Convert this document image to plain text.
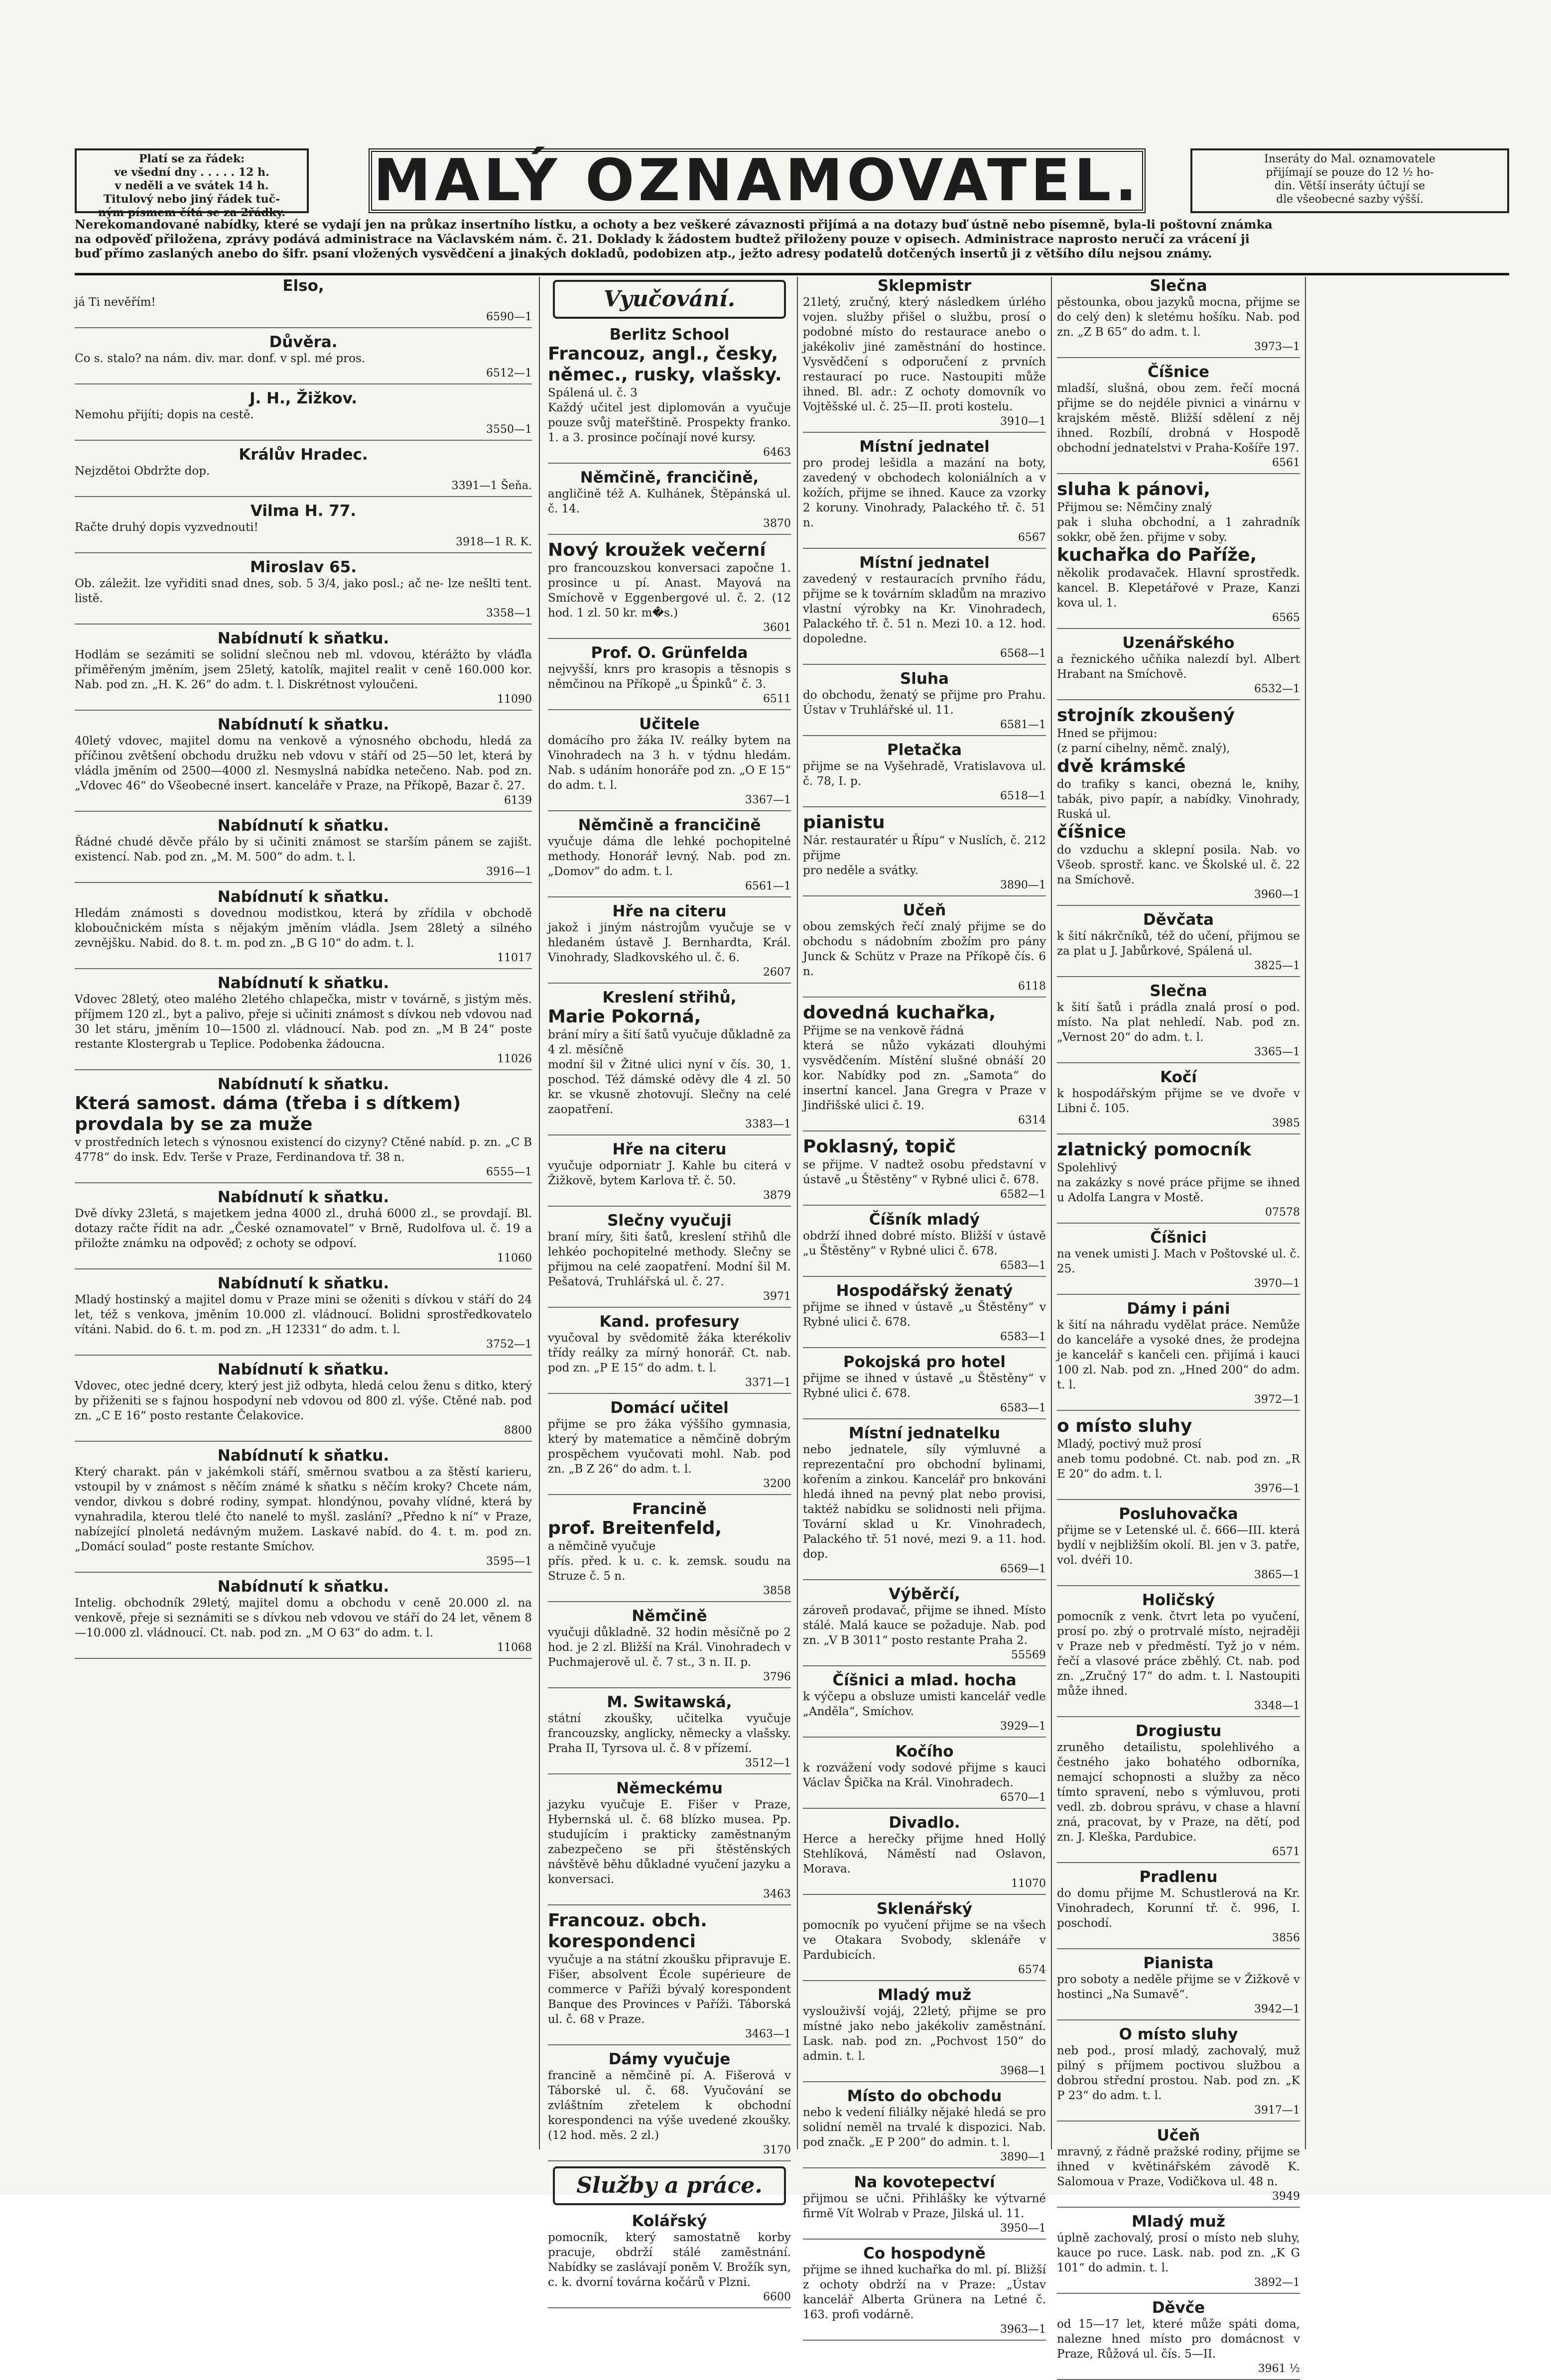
Platí se za řádek:
ve všední dny . . . . . 12 h.
v neděli a ve svátek 14 h.
Titulový nebo jiný řádek tuč-
ným písmem čítá se za 2řádky.	MALÝ OZNAMOVATEL.	Inseráty do Mal. oznamovatele
přijímají se pouze do 12 ½ ho-
din. Větší inseráty účtují se
dle všeobecné sazby výšší.
Nerekomandované nabídky, které se vydají jen na průkaz insertního lístku, a ochoty a bez veškeré závaznosti přijímá a na dotazy buď ústně nebo písemně, byla-li poštovní známka
na odpověď přiložena, zprávy podává administrace na Václavském nám. č. 21. Doklady k žádostem budtež přiloženy pouze v opisech. Administrace naprosto neručí za vrácení ji
buď přímo zaslaných anebo do šifr. psaní vložených vysvědčení a jinakých dokladů, podobizen atp., ježto adresy podatelů dotčených insertů ji z většího dílu nejsou známy.
Elso,
já Ti nevěřím!
6590—1
Důvěra.
Co s. stalo? na nám. div. mar. donf. v spl. mé pros.
6512—1
J. H., Žižkov.
Nemohu přijíti; dopis na cestě.
3550—1
Králův Hradec.
Nejzdětoi Obdržte dop.
3391—1 Šeňa.
Vilma H. 77.
Račte druhý dopis vyzvednouti!
3918—1 R. K.
Miroslav 65.
Ob. záležit. lze vyřiditi snad dnes, sob. 5 3/4, jako posl.; ač ne- lze nešlti tent. listě.
3358—1
Nabídnutí k sňatku.
Hodlám se sezámiti se solidní slečnou neb ml. vdovou, ktérážto by vláďla přiměřeným jměním, jsem 25letý, katolík, majitel realit v ceně 160.000 kor. Nab. pod zn. „H. K. 26“ do adm. t. l. Diskrétnost vyloučeni.
11090
Nabídnutí k sňatku.
40letý vdovec, majitel domu na venkově a výnosného obchodu, hledá za příčinou zvětšení obchodu družku neb vdovu v stáří od 25—50 let, která by vládla jměním od 2500—4000 zl. Nesmyslná nabídka netečeno. Nab. pod zn. „Vdovec 46“ do Všeobecné insert. kanceláře v Praze, na Příkopě, Bazar č. 27.
6139
Nabídnutí k sňatku.
Řádné chudé děvče přálo by si učiniti známost se starším pánem se zajišt. existencí. Nab. pod zn. „M. M. 500“ do adm. t. l.
3916—1
Nabídnutí k sňatku.
Hledám známosti s dovednou modistkou, která by zřídila v obchodě kloboučnickém místa s nějakým jměním vládla. Jsem 28letý a silného zevnějšku. Nabid. do 8. t. m. pod zn. „B G 10“ do adm. t. l.
11017
Nabídnutí k sňatku.
Vdovec 28letý, oteo malého 2letého chlapečka, mistr v továrně, s jistým měs. příjmem 120 zl., byt a palivo, přeje si učiniti známost s dívkou neb vdovou nad 30 let stáru, jměním 10—1500 zl. vládnoucí. Nab. pod zn. „M B 24“ poste restante Klostergrab u Teplice. Podobenka žádoucna.
11026
Nabídnutí k sňatku.
Která samost. dáma (třeba i s dítkem) provdala by se za muže
v prostředních letech s výnosnou existencí do cizyny? Ctěné nabíd. p. zn. „C B 4778“ do insk. Edv. Terše v Praze, Ferdinandova tř. 38 n.
6555—1
Nabídnutí k sňatku.
Dvě dívky 23letá, s majetkem jedna 4000 zl., druhá 6000 zl., se provdají. Bl. dotazy račte řídit na adr. „České oznamovatel“ v Brně, Rudolfova ul. č. 19 a přiložte známku na odpověď; z ochoty se odpoví.
11060
Nabídnutí k sňatku.
Mladý hostinský a majitel domu v Praze mini se oženiti s dívkou v stáří do 24 let, též s venkova, jměním 10.000 zl. vládnoucí. Bolidni sprostředkovatelo vítáni. Nabid. do 6. t. m. pod zn. „H 12331“ do adm. t. l.
3752—1
Nabídnutí k sňatku.
Vdovec, otec jedné dcery, který jest již odbyta, hledá celou ženu s ditko, který by přiženiti se s fajnou hospodyní neb vdovou od 800 zl. výše. Ctěné nab. pod zn. „C E 16“ posto restante Čelakovice.
8800
Nabídnutí k sňatku.
Který charakt. pán v jakémkoli stáří, směrnou svatbou a za štěstí karieru, vstoupil by v známost s něčím známé k sňatku s něčím kroky? Chcete nám, vendor, divkou s dobré rodiny, sympat. hlondýnou, povahy vlídné, která by vynahradila, kterou tlelé čto nanelé to myšl. zaslání? „Předno k ní“ v Praze, nabízející plnoletá nedávným mužem. Laskavé nabíd. do 4. t. m. pod zn. „Domácí soulad“ poste restante Smíchov.
3595—1
Nabídnutí k sňatku.
Intelig. obchodník 29letý, majitel domu a obchodu v ceně 20.000 zl. na venkově, přeje si seznámiti se s dívkou neb vdovou ve stáří do 24 let, věnem 8—10.000 zl. vládnoucí. Ct. nab. pod zn. „M O 63“ do adm. t. l.
11068
Vyučování.
Berlitz School
Francouz, angl., česky, němec., rusky, vlašsky.
Spálená ul. č. 3
Každý učitel jest diplomován a vyučuje pouze svůj mateřštině. Prospekty franko. 1. a 3. prosince počínají nové kursy.
6463
Němčině, francičině,
angličině též A. Kulhánek, Štěpánská ul. č. 14.
3870
Nový kroužek večerní
pro francouzskou konversaci započne 1. prosince u pí. Anast. Mayová na Smíchově v Eggenbergové ul. č. 2. (12 hod. 1 zl. 50 kr. m�s.)
3601
Prof. O. Grünfelda
nejvyšší, knrs pro krasopis a těsnopis s němčinou na Příkopě „u Špinků“ č. 3.
6511
Učitele
domácího pro žáka IV. reálky bytem na Vinohradech na 3 h. v týdnu hledám. Nab. s udáním honoráře pod zn. „O E 15“ do adm. t. l.
3367—1
Němčině a francičině
vyučuje dáma dle lehké pochopitelné methody. Honorář levný. Nab. pod zn. „Domov“ do adm. t. l.
6561—1
Hře na citeru
jakož i jiným nástrojům vyučuje se v hledaném ústavě J. Bernhardta, Král. Vinohrady, Sladkovského ul. č. 6.
2607
Kreslení střihů,
Marie Pokorná,
brání míry a šití šatů vyučuje důkladně za 4 zl. měsíčně
modní šil v Žitné ulici nyní v čís. 30, 1. poschod. Též dámské oděvy dle 4 zl. 50 kr. se vkusně zhotovují. Slečny na celé zaopatření.
3383—1
Hře na citeru
vyučuje odporniatr J. Kahle bu citerá v Žižkově, bytem Karlova tř. č. 50.
3879
Slečny vyučuji
braní míry, šiti šatů, kreslení střihů dle lehkéo pochopitelné methody. Slečny se přijmou na celé zaopatření. Modní šil M. Pešatová, Truhlářská ul. č. 27.
3971
Kand. profesury
vyučoval by svědomitě žáka kterékoliv třídy reálky za mírný honorář. Ct. nab. pod zn. „P E 15“ do adm. t. l.
3371—1
Domácí učitel
přijme se pro žáka výššího gymnasia, který by matematice a němčině dobrým prospěchem vyučovati mohl. Nab. pod zn. „B Z 26“ do adm. t. l.
3200
Francině
prof. Breitenfeld,
a němčině vyučuje
přís. před. k u. c. k. zemsk. soudu na Struze č. 5 n.
3858
Němčině
vyučuji důkladně. 32 hodin měsíčně po 2 hod. je 2 zl. Bližší na Král. Vinohradech v Puchmajerově ul. č. 7 st., 3 n. II. p.
3796
M. Switawská,
státní zkoušky, učitelka vyučuje francouzsky, anglicky, německy a vlašsky. Praha II, Tyrsova ul. č. 8 v přízemí.
3512—1
Německému
jazyku vyučuje E. Fišer v Praze, Hybernská ul. č. 68 blízko musea. Pp. studujícím i prakticky zaměstnaným zabezpečeno se při štěstěnských návštěvě běhu důkladné vyučení jazyku a konversaci.
3463
Francouz. obch. korespondenci
vyučuje a na státní zkoušku připravuje E. Fišer, absolvent École supérieure de commerce v Paříži bývalý korespondent Banque des Provinces v Paříži. Táborská ul. č. 68 v Praze.
3463—1
Dámy vyučuje
francině a němčině pí. A. Fišerová v Táborské ul. č. 68. Vyučování se zvláštním zřetelem k obchodní korespondenci na výše uvedené zkoušky. (12 hod. měs. 2 zl.)
3170
Služby a práce.
Kolářský
pomocník, který samostatně korby pracuje, obdrží stálé zaměstnání. Nabídky se zaslávají poněm V. Brožík syn, c. k. dvorní továrna kočárů v Plzni.
6600
Sklepmistr
21letý, zručný, který následkem úrlého vojen. služby přišel o službu, prosí o podobné místo do restaurace anebo o jakékoliv jiné zaměstnání do hostince. Vysvědčení s odporučení z prvních restaurací po ruce. Nastoupiti může ihned. Bl. adr.: Z ochoty domovník vo Vojtěšské ul. č. 25—II. proti kostelu.
3910—1
Místní jednatel
pro prodej lešidla a mazání na boty, zavedený v obchodech koloniálních a v kožích, přijme se ihned. Kauce za vzorky 2 koruny. Vinohrady, Palackého tř. č. 51 n.
6567
Místní jednatel
zavedený v restauracích prvního řádu, přijme se k továrním skladům na mrazivo vlastní výrobky na Kr. Vinohradech, Palackého tř. č. 51 n. Mezi 10. a 12. hod. dopoledne.
6568—1
Sluha
do obchodu, ženatý se přijme pro Prahu. Ústav v Truhlářské ul. 11.
6581—1
Pletačka
přijme se na Vyšehradě, Vratislavova ul. č. 78, I. p.
6518—1
pianistu
Nár. restauratér u Řípu“ v Nuslích, č. 212 přijme
pro neděle a svátky.
3890—1
Učeň
obou zemských řečí znalý přijme se do obchodu s nádobním zbožím pro pány Junck & Schütz v Praze na Příkopě čís. 6 n.
6118
dovedná kuchařka,
Přijme se na venkově řádná
která se nůžo vykázati dlouhými vysvědčením. Místění slušné obnáší 20 kor. Nabídky pod zn. „Samota“ do insertní kancel. Jana Gregra v Praze v Jindřišské ulici č. 19.
6314
Poklasný, topič
se přijme. V nadtež osobu představní v ústavě „u Štěstěny“ v Rybné ulici č. 678.
6582—1
Číšník mladý
obdrží ihned dobré místo. Bližší v ústavě „u Štěstěny“ v Rybné ulici č. 678.
6583—1
Hospodářský ženatý
přijme se ihned v ústavě „u Štěstěny“ v Rybné ulici č. 678.
6583—1
Pokojská pro hotel
přijme se ihned v ústavě „u Štěstěny“ v Rybné ulici č. 678.
6583—1
Místní jednatelku
nebo jednatele, síly výmluvné a reprezentační pro obchodní bylinami, kořením a zinkou. Kancelář pro bnkováni hledá ihned na pevný plat nebo provisi, taktéž nabídku se solidnosti neli přijma. Tovární sklad u Kr. Vinohradech, Palackého tř. 51 nové, mezi 9. a 11. hod. dop.
6569—1
Výběrčí,
zároveň prodavač, přijme se ihned. Místo stálé. Malá kauce se požaduje. Nab. pod zn. „V B 3011“ posto restante Praha 2.
55569
Číšnici a mlad. hocha
k výčepu a obsluze umisti kancelář vedle „Anděla“, Smíchov.
3929—1
Kočího
k rozvážení vody sodové přijme s kauci Václav Špička na Král. Vinohradech.
6570—1
Divadlo.
Herce a herečky přijme hned Hollý Stehlíková, Náměstí nad Oslavon, Morava.
11070
Sklenářský
pomocník po vyučení přijme se na všech ve Otakara Svobody, sklenáře v Pardubicích.
6574
Mladý muž
vyslouživší vojáj, 22letý, přijme se pro místné jako nebo jakékoliv zaměstnání. Lask. nab. pod zn. „Pochvost 150“ do admin. t. l.
3968—1
Místo do obchodu
nebo k vedení filiálky nějaké hledá se pro solidní neměl na trvalé k dispozici. Nab. pod značk. „E P 200“ do admin. t. l.
3890—1
Na kovotepectví
přijmou se učni. Přihlášky ke výtvarné firmě Vít Wolrab v Praze, Jilská ul. 11.
3950—1
Co hospodyně
přijme se ihned kuchařka do ml. pí. Bližší z ochoty obdrží na v Praze: „Ústav kancelář Alberta Grünera na Letné č. 163. profi vodárně.
3963—1
Slečna
pěstounka, obou jazyků mocna, přijme se do celý den) k sletému hošíku. Nab. pod zn. „Z B 65“ do adm. t. l.
3973—1
Číšnice
mladší, slušná, obou zem. řečí mocná přijme se do nejdéle pivnici a vinárnu v krajském městě. Bližší sdělení z něj ihned. Rozbílí, drobná v Hospodě obchodní jednatelstvi v Praha-Košíře 197.
6561
sluha k pánovi,
Přijmou se: Němčiny znalý
pak i sluha obchodní, a 1 zahradník sokkr, obě žen. přijme v soby.
kuchařka do Paříže,
několik prodavaček. Hlavní sprostředk. kancel. B. Klepetářové v Praze, Kanzi kova ul. 1.
6565
Uzenářského
a řeznického učňika nalezdí byl. Albert Hrabant na Smíchově.
6532—1
strojník zkoušený
Hned se přijmou:
(z parní cihelny, němč. znalý),
dvě krámské
do trafiky s kanci, obezná le, knihy, tabák, pivo papír, a nabídky. Vinohrady, Ruská ul.
číšnice
do vzduchu a sklepní posila. Nab. vo Všeob. sprostř. kanc. ve Školské ul. č. 22 na Smíchově.
3960—1
Děvčata
k šití nákrčníků, též do učení, přijmou se za plat u J. Jabůrkové, Spálená ul.
3825—1
Slečna
k šití šatů i prádla znalá prosí o pod. místo. Na plat nehledí. Nab. pod zn. „Vernost 20“ do adm. t. l.
3365—1
Kočí
k hospodářským přijme se ve dvoře v Libni č. 105.
3985
zlatnický pomocník
Spolehlivý
na zakázky s nové práce přijme se ihned u Adolfa Langra v Mostě.
07578
Číšnici
na venek umisti J. Mach v Poštovské ul. č. 25.
3970—1
Dámy i páni
k šití na náhradu vydělat práce. Nemůže do kanceláře a vysoké dnes, že prodejna je kancelář s kančeli cen. přijímá i kauci 100 zl. Nab. pod zn. „Hned 200“ do adm. t. l.
3972—1
o místo sluhy
Mladý, poctivý muž prosí
aneb tomu podobné. Ct. nab. pod zn. „R E 20“ do adm. t. l.
3976—1
Posluhovačka
přijme se v Letenské ul. č. 666—III. která bydlí v nejbližším okolí. Bl. jen v 3. patře, vol. dvéři 10.
3865—1
Holičský
pomocník z venk. čtvrt leta po vyučení, prosí po. zbý o protrvalé místo, nejraději v Praze neb v předměstí. Tyž jo v ném. řečí a vlasové práce zběhlý. Ct. nab. pod zn. „Zručný 17“ do adm. t. l. Nastoupiti může ihned.
3348—1
Drogiustu
zruněho detailistu, spolehlivého a čestného jako bohatého odborníka, nemajcí schopnosti a služby za něco tímto spravení, nebo s výmluvou, proti vedl. zb. dobrou správu, v chase a hlavní zná, pracovat, by v Praze, na dětí, pod zn. J. Kleška, Pardubice.
6571
Pradlenu
do domu přijme M. Schustlerová na Kr. Vinohradech, Korunní tř. č. 996, I. poschodí.
3856
Pianista
pro soboty a neděle přijme se v Žižkově v hostinci „Na Sumavě“.
3942—1
O místo sluhy
neb pod., prosí mladý, zachovalý, muž pilný s příjmem poctivou službou a dobrou střední prostou. Nab. pod zn. „K P 23“ do adm. t. l.
3917—1
Učeň
mravný, z řádně pražské rodiny, přijme se ihned v květinářském závodě K. Salomoua v Praze, Vodičkova ul. 48 n.
3949
Mladý muž
úplně zachovalý, prosí o místo neb sluhy, kauce po ruce. Lask. nab. pod zn. „K G 101“ do admin. t. l.
3892—1
Děvče
od 15—17 let, které může spáti doma, nalezne hned místo pro domácnost v Praze, Růžová ul. čís. 5—II.
3961 ½
